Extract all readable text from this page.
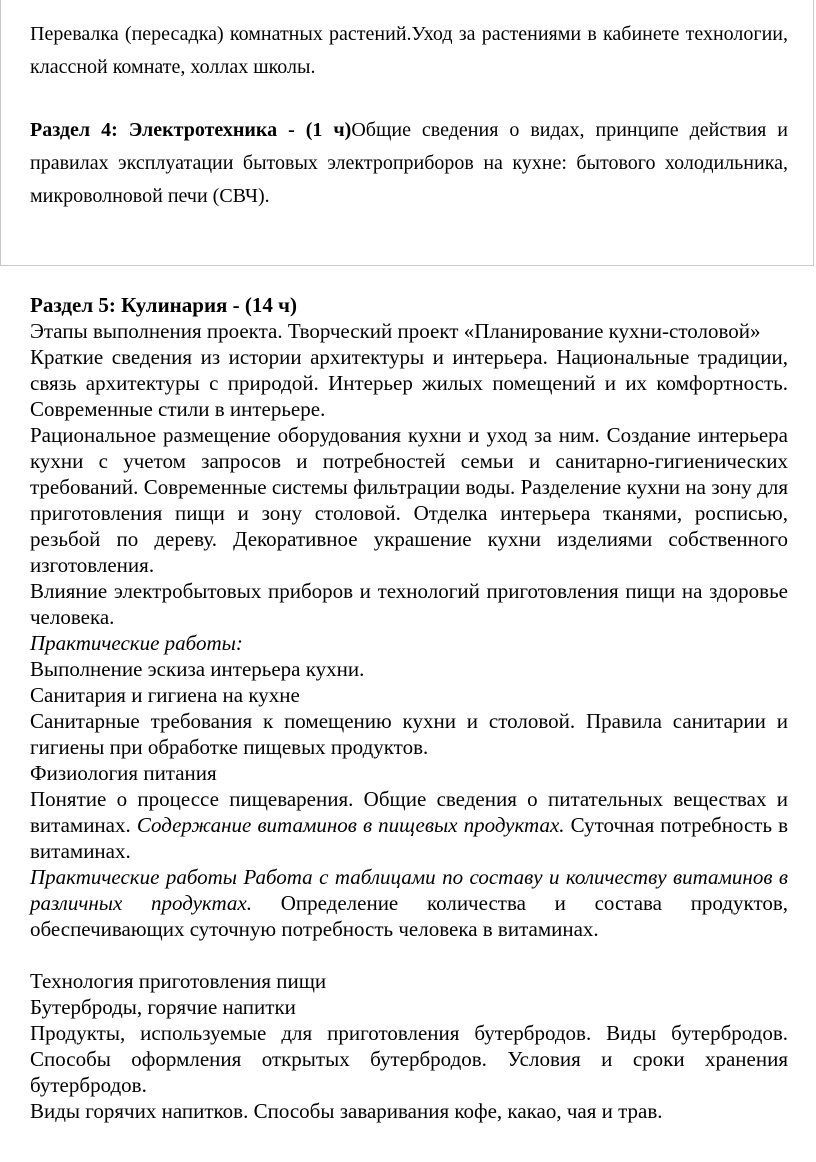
Перевалка (пересадка) комнатных растений.Уход за растениями в кабинете технологии, классной комнате, холлах школы.

Раздел 4: Электротехника - (1 ч)Общие сведения о видах, принципе действия и правилах эксплуатации бытовых электроприборов на кухне: бытового холодильника, микроволновой печи (СВЧ).

Раздел 5: Кулинария - (14 ч)

Этапы выполнения проекта. Творческий проект «Планирование кухни-столовой»

Краткие сведения из истории архитектуры и интерьера. Национальные традиции, связь архитектуры с природой. Интерьер жилых помещений и их комфортность. Современные стили в интерьере.

Рациональное размещение оборудования кухни и уход за ним. Создание интерьера кухни с учетом запросов и потребностей семьи и санитарно-гигиенических требований. Современные системы фильтрации воды. Разделение кухни на зону для приготовления пищи и зону столовой. Отделка интерьера тканями, росписью, резьбой по дереву. Декоративное украшение кухни изделиями собственного изготовления.

Влияние электробытовых приборов и технологий приготовления пищи на здоровье человека.

Практические работы:

Выполнение эскиза интерьера кухни.

Санитария и гигиена на кухне

Санитарные требования к помещению кухни и столовой. Правила санитарии и гигиены при обработке пищевых продуктов.

Физиология питания

Понятие о процессе пищеварения. Общие сведения о питательных веществах и витаминах. Содержание витаминов в пищевых продуктах. Суточная потребность в витаминах.

Практические работы Работа с таблицами по составу и количеству витаминов в различных продуктах. Определение количества и состава продуктов, обеспечивающих суточную потребность человека в витаминах.

Технология приготовления пищи

Бутерброды, горячие напитки

Продукты, используемые для приготовления бутербродов. Виды бутербродов. Способы оформления открытых бутербродов. Условия и сроки хранения бутербродов.

Виды горячих напитков. Способы заваривания кофе, какао, чая и трав.
